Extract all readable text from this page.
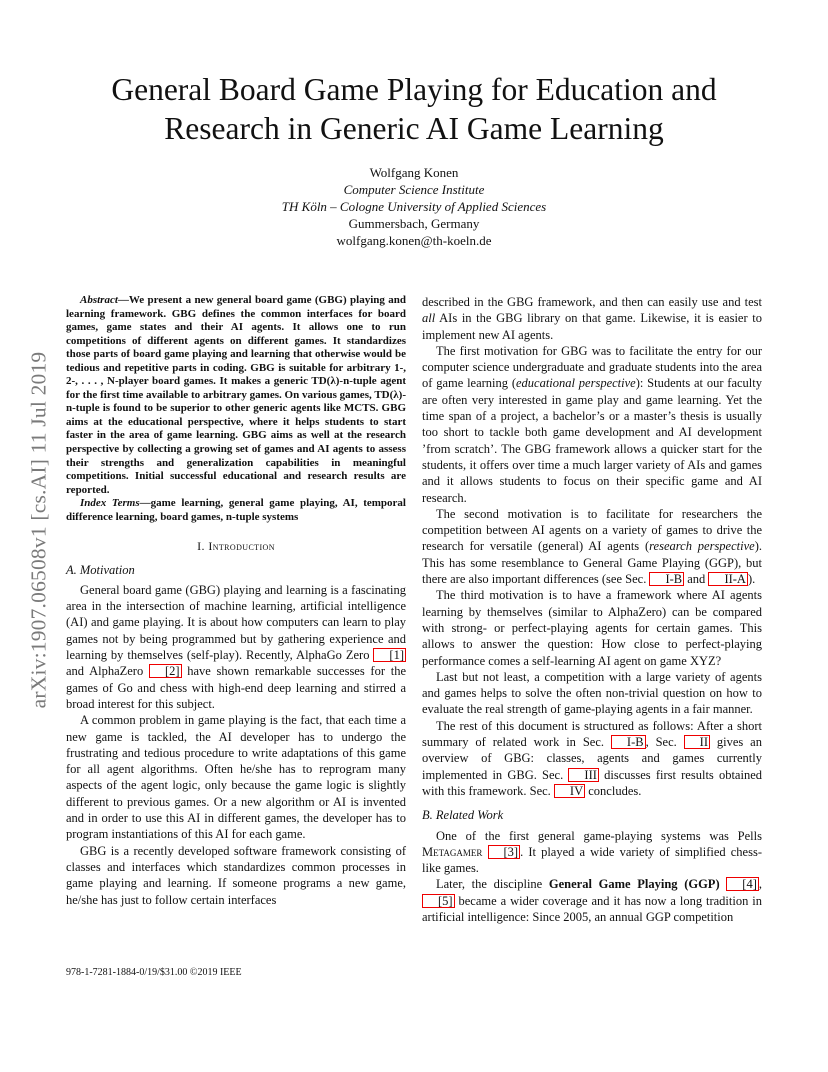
General Board Game Playing for Education and
Research in Generic AI Game Learning
Wolfgang Konen
Computer Science Institute
TH Köln – Cologne University of Applied Sciences
Gummersbach, Germany
wolfgang.konen@th-koeln.de
arXiv:1907.06508v1 [cs.AI] 11 Jul 2019

Abstract—We present a new general board game (GBG) playing and learning framework. GBG defines the common interfaces for board games, game states and their AI agents. It allows one to run competitions of different agents on different games. It standardizes those parts of board game playing and learning that otherwise would be tedious and repetitive parts in coding. GBG is suitable for arbitrary 1-, 2-, . . . , N-player board games. It makes a generic TD(λ)-n-tuple agent for the first time available to arbitrary games. On various games, TD(λ)-n-tuple is found to be superior to other generic agents like MCTS. GBG aims at the educational perspective, where it helps students to start faster in the area of game learning. GBG aims as well at the research perspective by collecting a growing set of games and AI agents to assess their strengths and generalization capabilities in meaningful competitions. Initial successful educational and research results are reported.

Index Terms—game learning, general game playing, AI, temporal difference learning, board games, n-tuple systems

I. Introduction
A. Motivation

General board game (GBG) playing and learning is a fascinating area in the intersection of machine learning, artificial intelligence (AI) and game playing. It is about how computers can learn to play games not by being programmed but by gathering experience and learning by themselves (self-play). Recently, AlphaGo Zero [1] and AlphaZero [2] have shown remarkable successes for the games of Go and chess with high-end deep learning and stirred a broad interest for this subject.

A common problem in game playing is the fact, that each time a new game is tackled, the AI developer has to undergo the frustrating and tedious procedure to write adaptations of this game for all agent algorithms. Often he/she has to reprogram many aspects of the agent logic, only because the game logic is slightly different to previous games. Or a new algorithm or AI is invented and in order to use this AI in different games, the developer has to program instantiations of this AI for each game.

GBG is a recently developed software framework consisting of classes and interfaces which standardizes common processes in game playing and learning. If someone programs a new game, he/she has just to follow certain interfaces

described in the GBG framework, and then can easily use and test all AIs in the GBG library on that game. Likewise, it is easier to implement new AI agents.

The first motivation for GBG was to facilitate the entry for our computer science undergraduate and graduate students into the area of game learning (educational perspective): Students at our faculty are often very interested in game play and game learning. Yet the time span of a project, a bachelor’s or a master’s thesis is usually too short to tackle both game development and AI development ’from scratch’. The GBG framework allows a quicker start for the students, it offers over time a much larger variety of AIs and games and it allows students to focus on their specific game and AI research.

The second motivation is to facilitate for researchers the competition between AI agents on a variety of games to drive the research for versatile (general) AI agents (research perspective). This has some resemblance to General Game Playing (GGP), but there are also important differences (see Sec. I-B and II-A ).

The third motivation is to have a framework where AI agents learning by themselves (similar to AlphaZero) can be compared with strong- or perfect-playing agents for certain games. This allows to answer the question: How close to perfect-playing performance comes a self-learning AI agent on game XYZ?

Last but not least, a competition with a large variety of agents and games helps to solve the often non-trivial question on how to evaluate the real strength of game-playing agents in a fair manner.

The rest of this document is structured as follows: After a short summary of related work in Sec. I-B , Sec. II gives an overview of GBG: classes, agents and games currently implemented in GBG. Sec. III discusses first results obtained with this framework. Sec. IV concludes.

B. Related Work

One of the first general game-playing systems was Pells Metagamer [3] . It played a wide variety of simplified chess-like games.

Later, the discipline General Game Playing (GGP) [4] , [5] became a wider coverage and it has now a long tradition in artificial intelligence: Since 2005, an annual GGP competition

978-1-7281-1884-0/19/$31.00 ©2019 IEEE
